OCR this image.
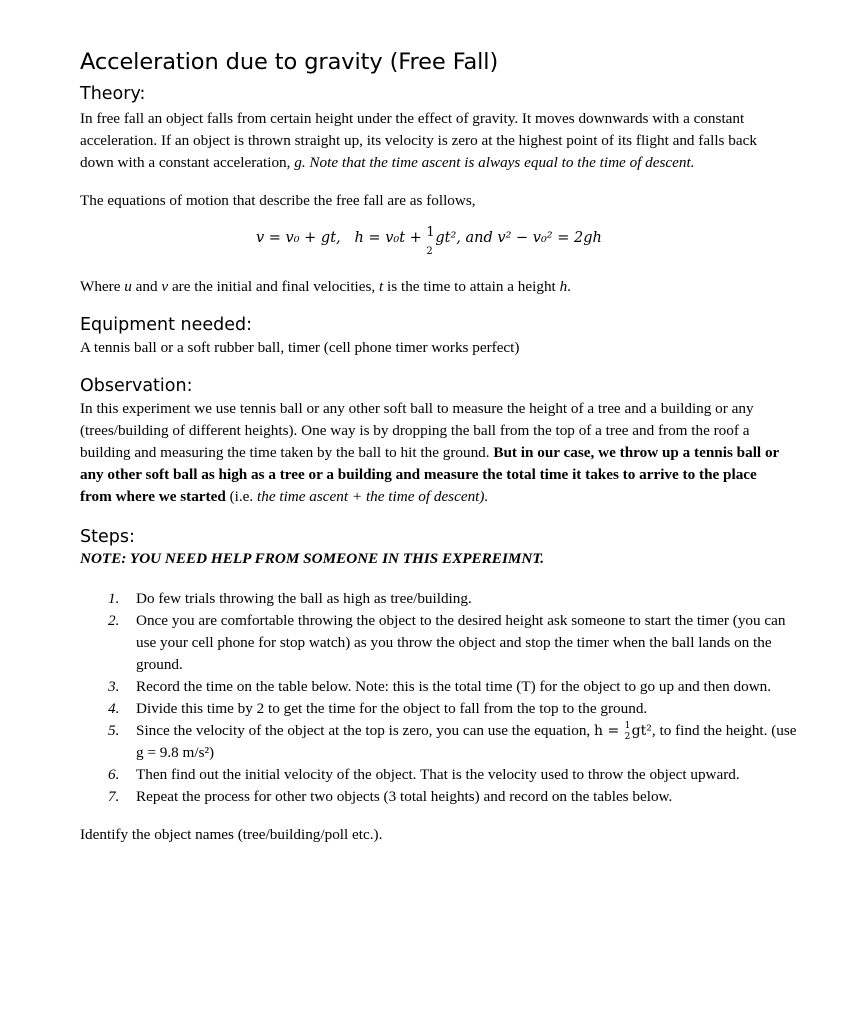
Acceleration due to gravity (Free Fall)
Theory:

In free fall an object falls from certain height under the effect of gravity. It moves downwards with a constant acceleration. If an object is thrown straight up, its velocity is zero at the highest point of its flight and falls back down with a constant acceleration, g. Note that the time ascent is always equal to the time of descent.

The equations of motion that describe the free fall are as follows,

v = v₀ + gt, h = v₀t + 1
2
gt², and v² − v₀² = 2gh

Where u and v are the initial and final velocities, t is the time to attain a height h.

Equipment needed:

A tennis ball or a soft rubber ball, timer (cell phone timer works perfect)

Observation:

In this experiment we use tennis ball or any other soft ball to measure the height of a tree and a building or any (trees/building of different heights). One way is by dropping the ball from the top of a tree and from the roof a building and measuring the time taken by the ball to hit the ground. But in our case, we throw up a tennis ball or any other soft ball as high as a tree or a building and measure the total time it takes to arrive to the place from where we started (i.e. the time ascent + the time of descent).

Steps:

NOTE: YOU NEED HELP FROM SOMEONE IN THIS EXPEREIMNT.

1. Do few trials throwing the ball as high as tree/building.
2. Once you are comfortable throwing the object to the desired height ask someone to start the timer (you can use your cell phone for stop watch) as you throw the object and stop the timer when the ball lands on the ground.
3. Record the time on the table below. Note: this is the total time (T) for the object to go up and then down.
4. Divide this time by 2 to get the time for the object to fall from the top to the ground.
5. Since the velocity of the object at the top is zero, you can use the equation, h = 1
2 gt², to find the height. (use g = 9.8 m/s²)
6. Then find out the initial velocity of the object. That is the velocity used to throw the object upward.
7. Repeat the process for other two objects (3 total heights) and record on the tables below.

Identify the object names (tree/building/poll etc.).
